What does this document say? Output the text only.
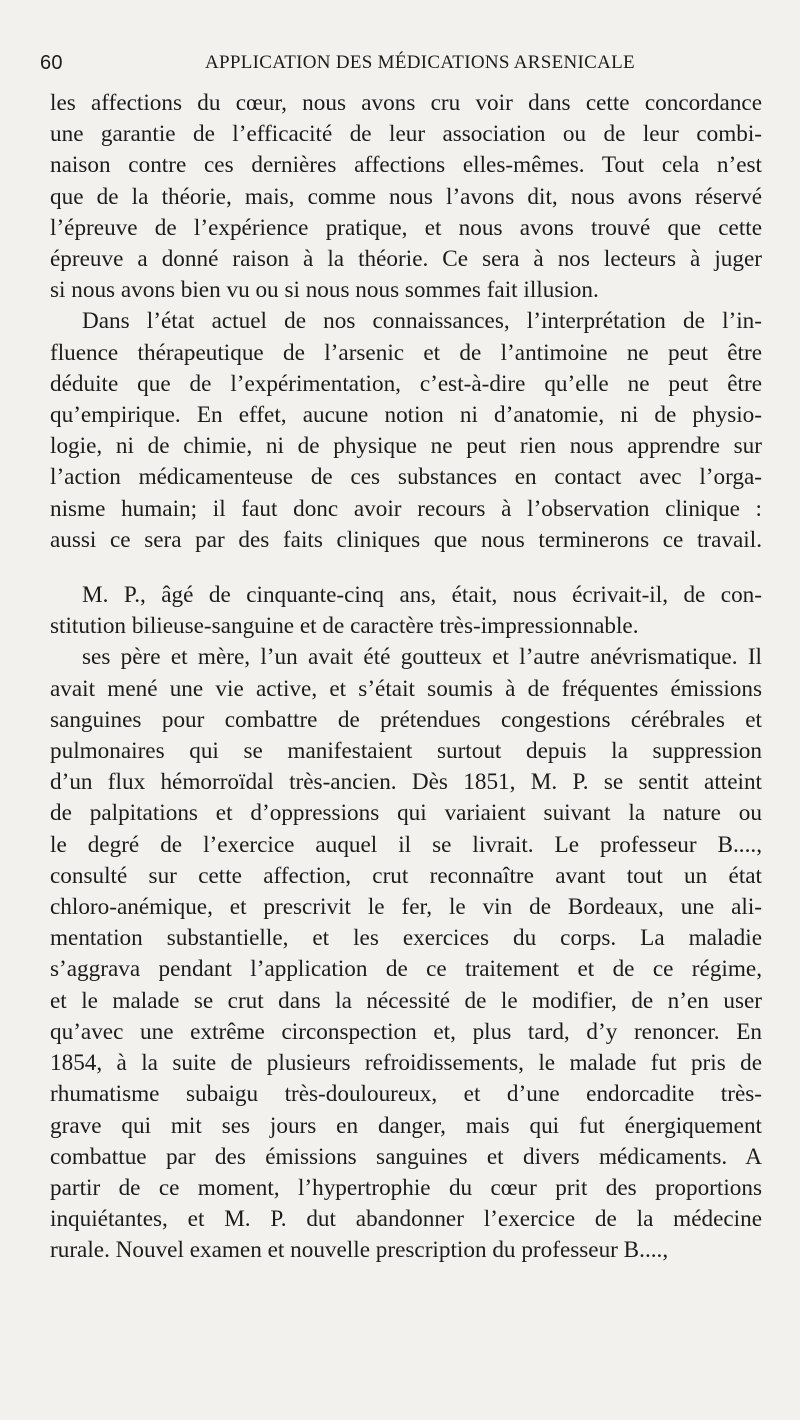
60	APPLICATION DES MÉDICATIONS ARSENICALE

les affections du cœur, nous avons cru voir dans cette concordance

une garantie de l’efficacité de leur association ou de leur combi-

naison contre ces dernières affections elles-mêmes. Tout cela n’est

que de la théorie, mais, comme nous l’avons dit, nous avons réservé

l’épreuve de l’expérience pratique, et nous avons trouvé que cette

épreuve a donné raison à la théorie. Ce sera à nos lecteurs à juger

si nous avons bien vu ou si nous nous sommes fait illusion.

Dans l’état actuel de nos connaissances, l’interprétation de l’in-

fluence thérapeutique de l’arsenic et de l’antimoine ne peut être

déduite que de l’expérimentation, c’est-à-dire qu’elle ne peut être

qu’empirique. En effet, aucune notion ni d’anatomie, ni de physio-

logie, ni de chimie, ni de physique ne peut rien nous apprendre sur

l’action médicamenteuse de ces substances en contact avec l’orga-

nisme humain; il faut donc avoir recours à l’observation clinique :

aussi ce sera par des faits cliniques que nous terminerons ce travail.

M. P., âgé de cinquante-cinq ans, était, nous écrivait-il, de con-

stitution bilieuse-sanguine et de caractère très-impressionnable.

ses père et mère, l’un avait été goutteux et l’autre anévrismatique. Il

avait mené une vie active, et s’était soumis à de fréquentes émissions

sanguines pour combattre de prétendues congestions cérébrales et

pulmonaires qui se manifestaient surtout depuis la suppression

d’un flux hémorroïdal très-ancien. Dès 1851, M. P. se sentit atteint

de palpitations et d’oppressions qui variaient suivant la nature ou

le degré de l’exercice auquel il se livrait. Le professeur B....,

consulté sur cette affection, crut reconnaître avant tout un état

chloro-anémique, et prescrivit le fer, le vin de Bordeaux, une ali-

mentation substantielle, et les exercices du corps. La maladie

s’aggrava pendant l’application de ce traitement et de ce régime,

et le malade se crut dans la nécessité de le modifier, de n’en user

qu’avec une extrême circonspection et, plus tard, d’y renoncer. En

1854, à la suite de plusieurs refroidissements, le malade fut pris de

rhumatisme subaigu très-douloureux, et d’une endorcadite très-

grave qui mit ses jours en danger, mais qui fut énergiquement

combattue par des émissions sanguines et divers médicaments. A

partir de ce moment, l’hypertrophie du cœur prit des proportions

inquiétantes, et M. P. dut abandonner l’exercice de la médecine

rurale. Nouvel examen et nouvelle prescription du professeur B....,
